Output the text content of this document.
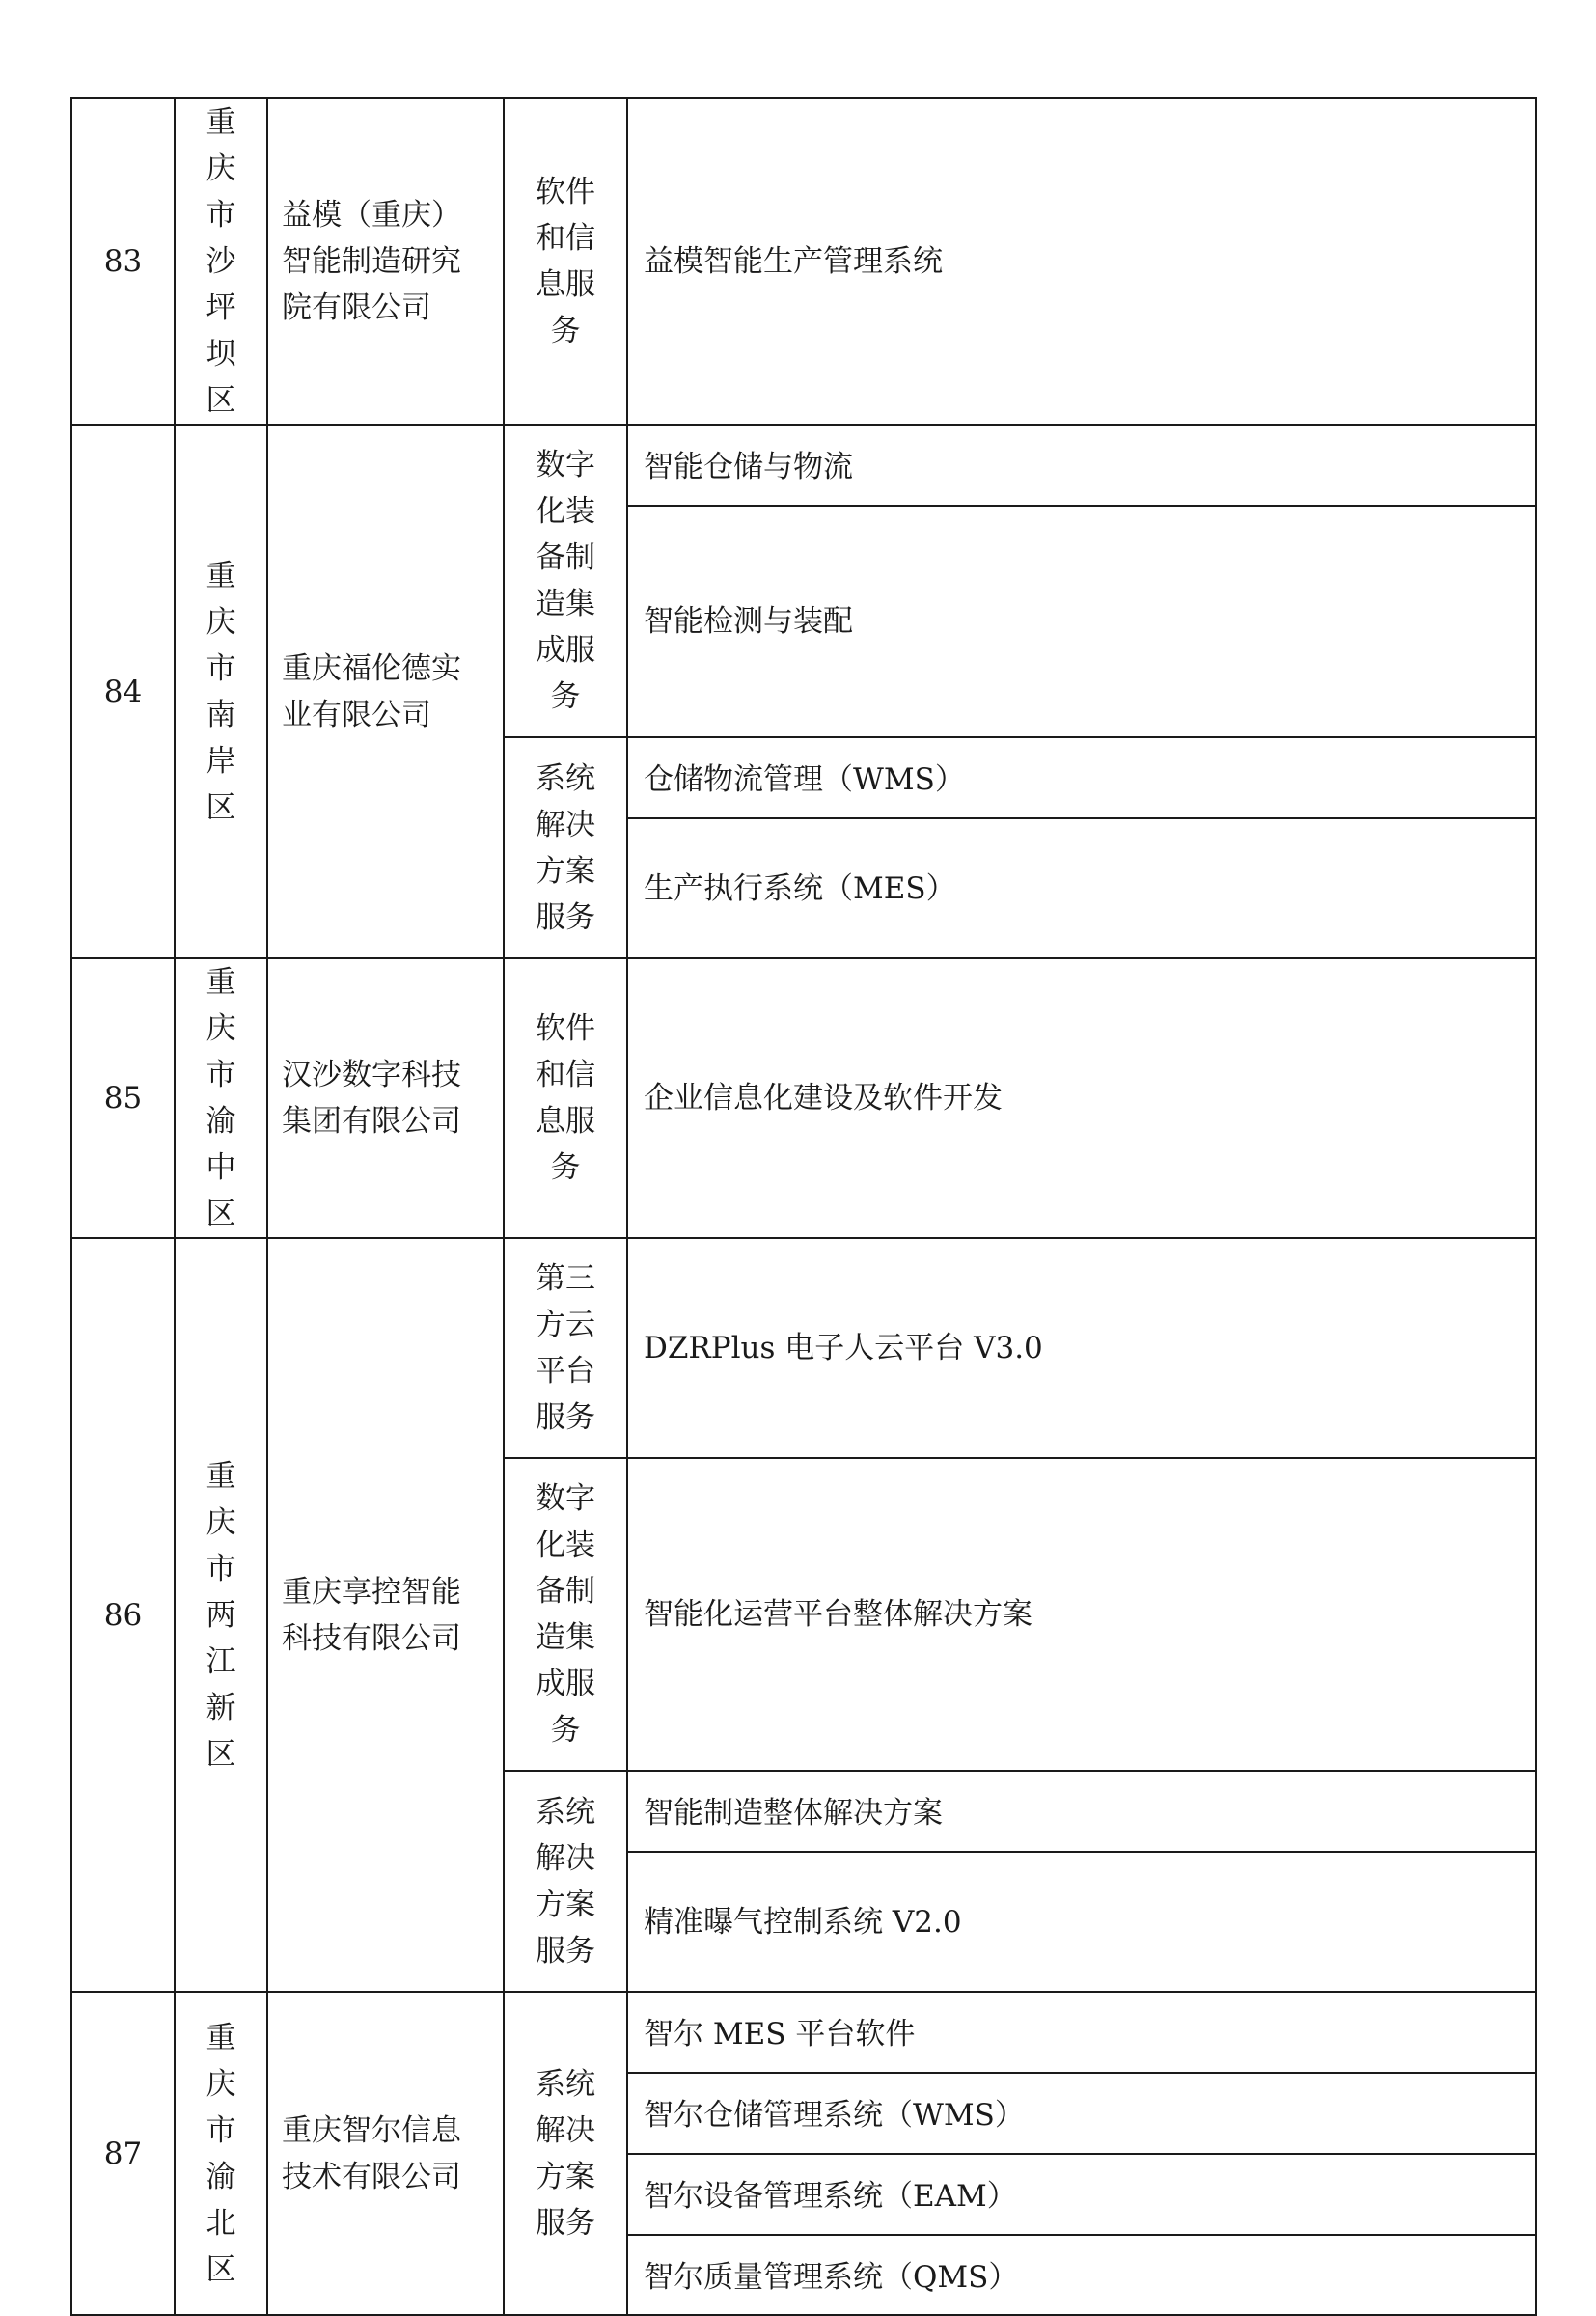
83	重庆市沙坪坝区	益模（重庆）智能制造研究院有限公司	软件和信息服务	益模智能生产管理系统
84	重庆市南岸区	重庆福伦德实业有限公司	数字化装备制造集成服务	智能仓储与物流

				智能检测与装配

			系统解决方案服务	仓储物流管理（WMS）

				生产执行系统（MES）
85	重庆市渝中区	汉沙数字科技集团有限公司	软件和信息服务	企业信息化建设及软件开发
86	重庆市两江新区	重庆享控智能科技有限公司	第三方云平台服务	DZRPlus 电子人云平台 V3.0

			数字化装备制造集成服务	智能化运营平台整体解决方案

			系统解决方案服务	智能制造整体解决方案

				精准曝气控制系统 V2.0
87	重庆市渝北区	重庆智尔信息技术有限公司	系统解决方案服务	智尔 MES 平台软件

				智尔仓储管理系统（WMS）

				智尔设备管理系统（EAM）

				智尔质量管理系统（QMS）
